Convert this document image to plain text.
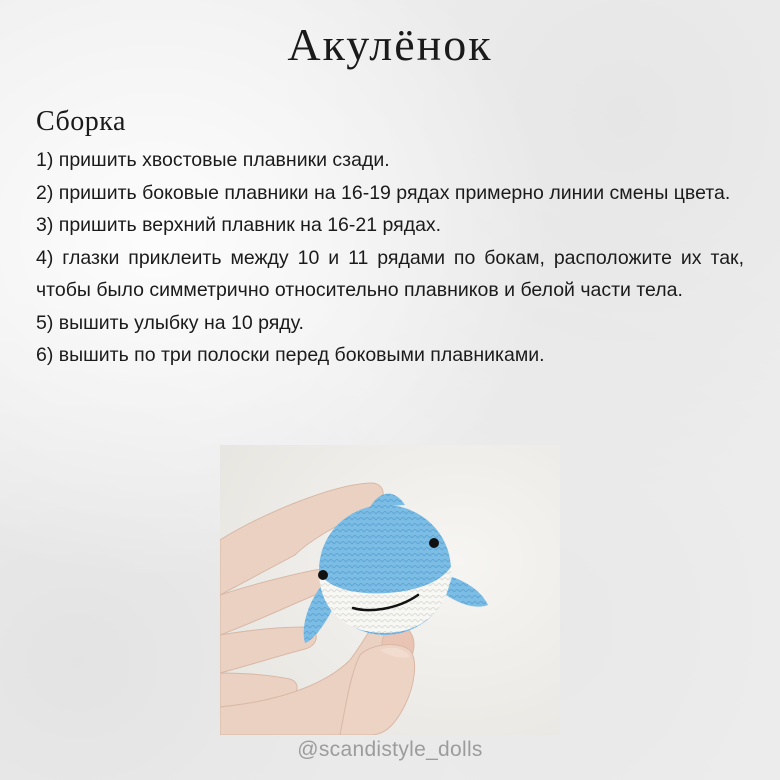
Акулёнок
Сборка
1) пришить хвостовые плавники сзади.
2) пришить боковые плавники на 16-19 рядах примерно линии смены цвета.
3) пришить верхний плавник на 16-21 рядах.
4) глазки приклеить между 10 и 11 рядами по бокам, расположите их так, чтобы было симметрично относительно плавников и белой части тела.
5) вышить улыбку на 10 ряду.
6) вышить по три полоски перед боковыми плавниками.
@scandistyle_dolls
